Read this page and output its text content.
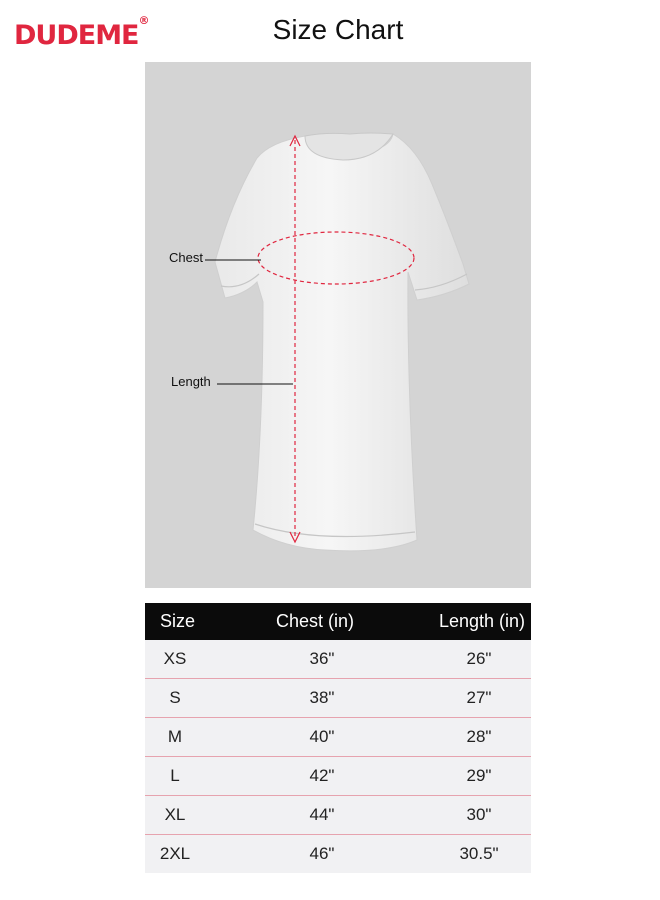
DUDEME®	Size Chart
Chest
Length
Size	Chest (in)	Length (in)
XS	36"	26"
S	38"	27"
M	40"	28"
L	42"	29"
XL	44"	30"
2XL	46"	30.5"
